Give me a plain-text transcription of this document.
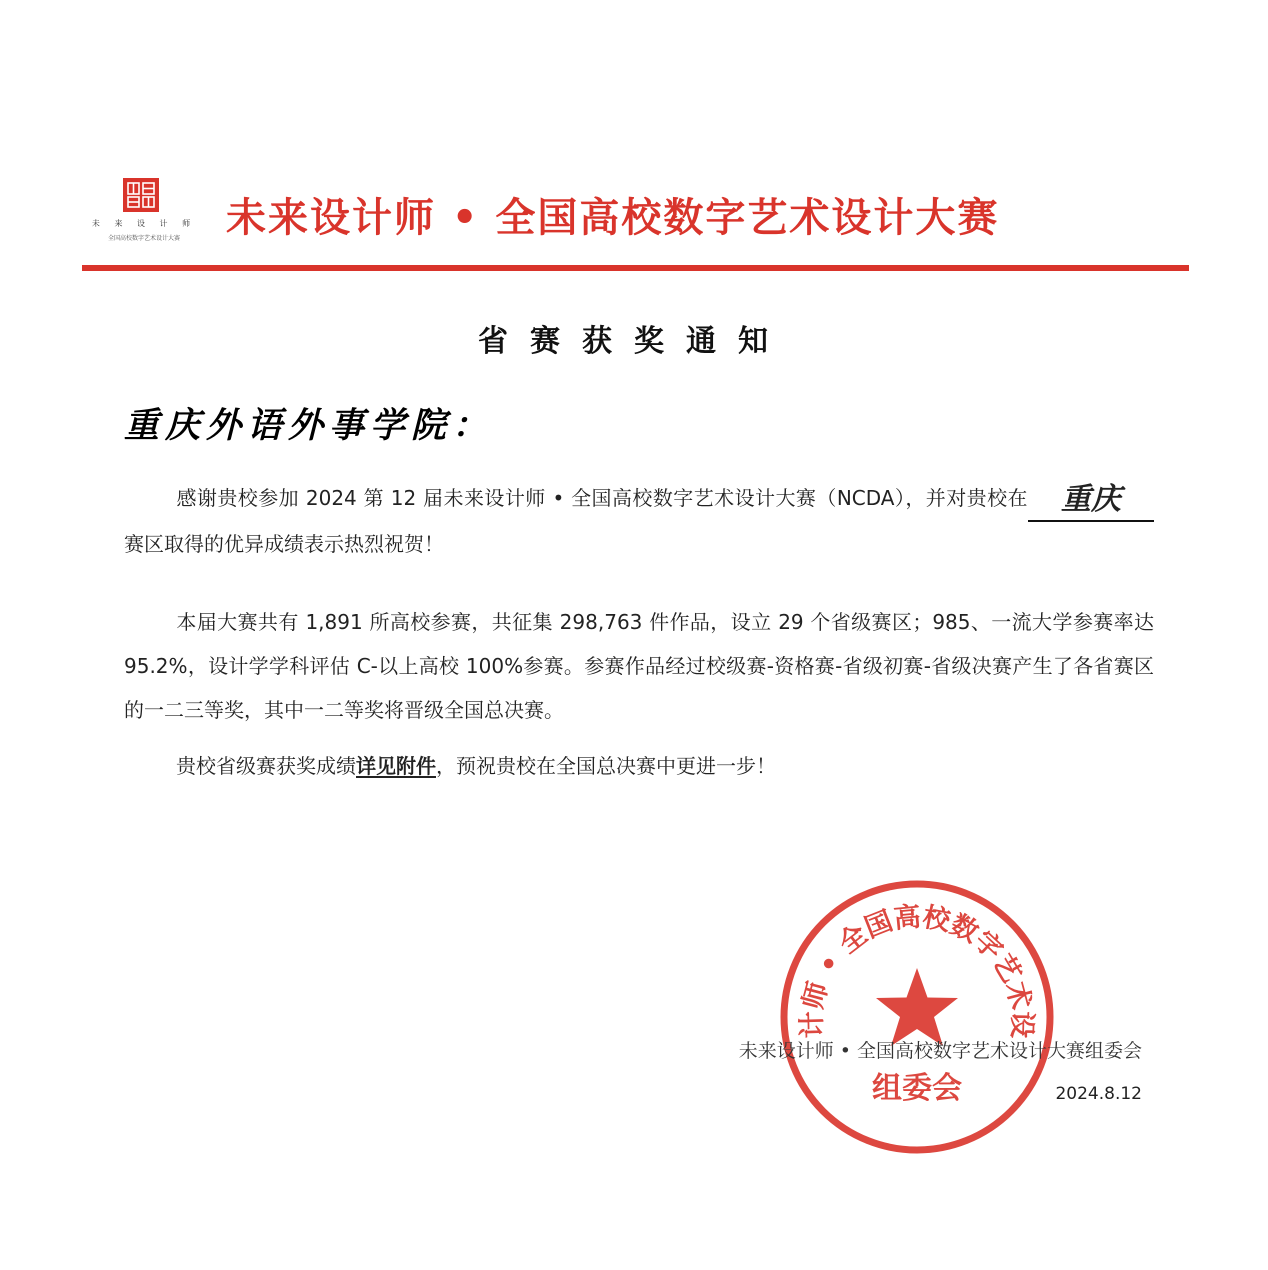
未 来 设 计 师
全国高校数字艺术设计大赛	未来设计师 • 全国高校数字艺术设计大赛
省赛获奖通知
重庆外语外事学院：
感谢贵校参加 2024 第 12 届未来设计师 • 全国高校数字艺术设计大赛（NCDA），并对贵校在 重庆赛区取得的优异成绩表示热烈祝贺！
本届大赛共有 1,891 所高校参赛，共征集 298,763 件作品，设立 29 个省级赛区；985、一流大学参赛率达 95.2%，设计学学科评估 C-以上高校 100%参赛。参赛作品经过校级赛-资格赛-省级初赛-省级决赛产生了各省赛区的一二三等奖，其中一二等奖将晋级全国总决赛。
贵校省级赛获奖成绩详见附件，预祝贵校在全国总决赛中更进一步！
计师 • 全国高校数字艺术设
组委会
未来设计师 • 全国高校数字艺术设计大赛组委会
2024.8.12
